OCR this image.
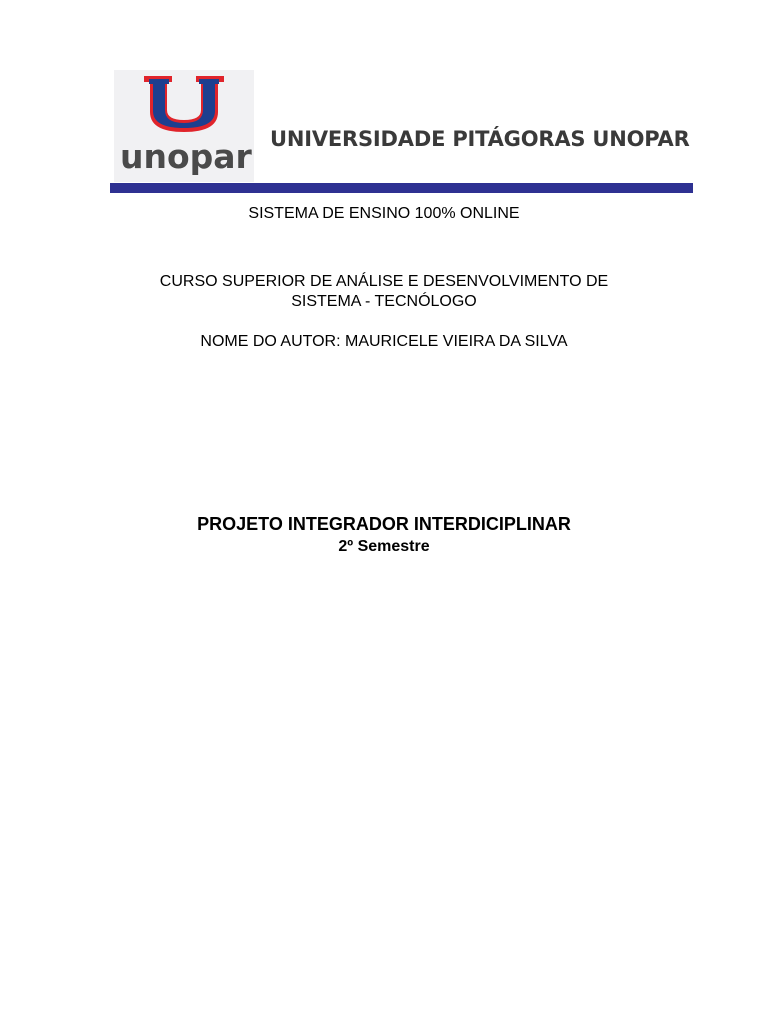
unopar UNIVERSIDADE PITÁGORAS UNOPAR
SISTEMA DE ENSINO 100% ONLINE
CURSO SUPERIOR DE ANÁLISE E DESENVOLVIMENTO DE
SISTEMA - TECNÓLOGO
NOME DO AUTOR: MAURICELE VIEIRA DA SILVA
PROJETO INTEGRADOR INTERDICIPLINAR
2º Semestre
